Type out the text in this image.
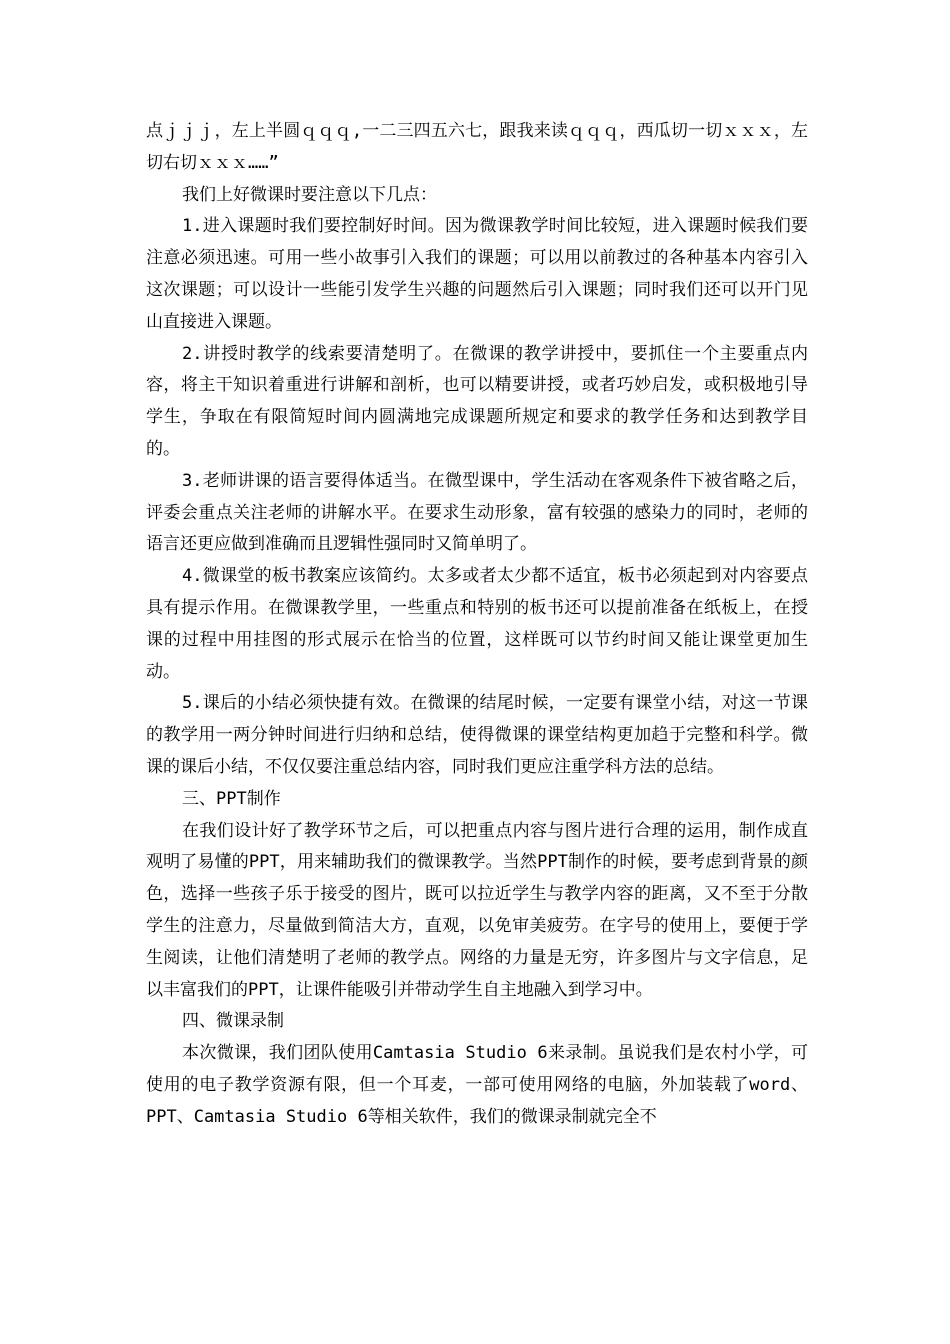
点ｊｊｊ，左上半圆ｑｑｑ,一二三四五六七，跟我来读ｑｑｑ，西瓜切一切ｘｘｘ，左切右切ｘｘｘ……”

我们上好微课时要注意以下几点：

1.进入课题时我们要控制好时间。因为微课教学时间比较短，进入课题时候我们要注意必须迅速。可用一些小故事引入我们的课题；可以用以前教过的各种基本内容引入这次课题；可以设计一些能引发学生兴趣的问题然后引入课题；同时我们还可以开门见山直接进入课题。

2.讲授时教学的线索要清楚明了。在微课的教学讲授中，要抓住一个主要重点内容，将主干知识着重进行讲解和剖析，也可以精要讲授，或者巧妙启发，或积极地引导学生，争取在有限简短时间内圆满地完成课题所规定和要求的教学任务和达到教学目的。

3.老师讲课的语言要得体适当。在微型课中，学生活动在客观条件下被省略之后，评委会重点关注老师的讲解水平。在要求生动形象，富有较强的感染力的同时，老师的语言还更应做到准确而且逻辑性强同时又简单明了。

4.微课堂的板书教案应该简约。太多或者太少都不适宜，板书必须起到对内容要点具有提示作用。在微课教学里，一些重点和特别的板书还可以提前准备在纸板上，在授课的过程中用挂图的形式展示在恰当的位置，这样既可以节约时间又能让课堂更加生动。

5.课后的小结必须快捷有效。在微课的结尾时候，一定要有课堂小结，对这一节课的教学用一两分钟时间进行归纳和总结，使得微课的课堂结构更加趋于完整和科学。微课的课后小结，不仅仅要注重总结内容，同时我们更应注重学科方法的总结。

三、PPT制作

在我们设计好了教学环节之后，可以把重点内容与图片进行合理的运用，制作成直观明了易懂的PPT，用来辅助我们的微课教学。当然PPT制作的时候，要考虑到背景的颜色，选择一些孩子乐于接受的图片，既可以拉近学生与教学内容的距离，又不至于分散学生的注意力，尽量做到简洁大方，直观，以免审美疲劳。在字号的使用上，要便于学生阅读，让他们清楚明了老师的教学点。网络的力量是无穷，许多图片与文字信息，足以丰富我们的PPT，让课件能吸引并带动学生自主地融入到学习中。

四、微课录制

本次微课，我们团队使用Camtasia Studio 6来录制。虽说我们是农村小学，可使用的电子教学资源有限，但一个耳麦，一部可使用网络的电脑，外加装载了word、PPT、Camtasia Studio 6等相关软件，我们的微课录制就完全不
